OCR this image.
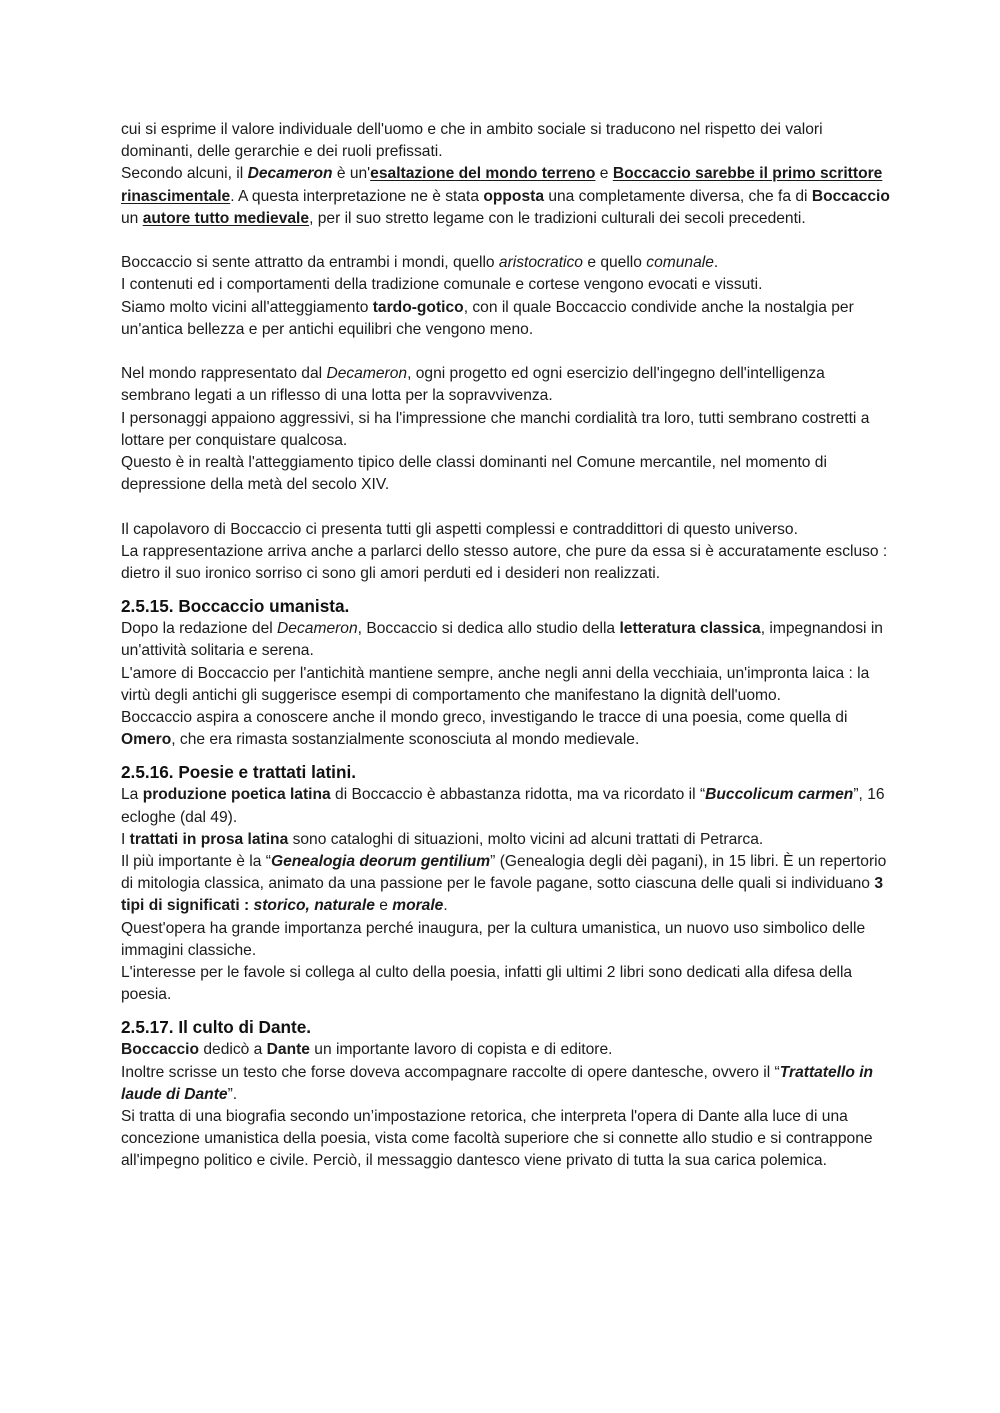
cui si esprime il valore individuale dell'uomo e che in ambito sociale si traducono nel rispetto dei valori dominanti, delle gerarchie e dei ruoli prefissati.

Secondo alcuni, il Decameron è un'esaltazione del mondo terreno e Boccaccio sarebbe il primo scrittore rinascimentale. A questa interpretazione ne è stata opposta una completamente diversa, che fa di Boccaccio un autore tutto medievale, per il suo stretto legame con le tradizioni culturali dei secoli precedenti.

Boccaccio si sente attratto da entrambi i mondi, quello aristocratico e quello comunale.

I contenuti ed i comportamenti della tradizione comunale e cortese vengono evocati e vissuti.

Siamo molto vicini all'atteggiamento tardo-gotico, con il quale Boccaccio condivide anche la nostalgia per un'antica bellezza e per antichi equilibri che vengono meno.

Nel mondo rappresentato dal Decameron, ogni progetto ed ogni esercizio dell'ingegno dell'intelligenza sembrano legati a un riflesso di una lotta per la sopravvivenza.

I personaggi appaiono aggressivi, si ha l'impressione che manchi cordialità tra loro, tutti sembrano costretti a lottare per conquistare qualcosa.

Questo è in realtà l'atteggiamento tipico delle classi dominanti nel Comune mercantile, nel momento di depressione della metà del secolo XIV.

Il capolavoro di Boccaccio ci presenta tutti gli aspetti complessi e contraddittori di questo universo.

La rappresentazione arriva anche a parlarci dello stesso autore, che pure da essa si è accuratamente escluso : dietro il suo ironico sorriso ci sono gli amori perduti ed i desideri non realizzati.

2.5.15. Boccaccio umanista.

Dopo la redazione del Decameron, Boccaccio si dedica allo studio della letteratura classica, impegnandosi in un'attività solitaria e serena.

L'amore di Boccaccio per l'antichità mantiene sempre, anche negli anni della vecchiaia, un'impronta laica : la virtù degli antichi gli suggerisce esempi di comportamento che manifestano la dignità dell'uomo.

Boccaccio aspira a conoscere anche il mondo greco, investigando le tracce di una poesia, come quella di Omero, che era rimasta sostanzialmente sconosciuta al mondo medievale.

2.5.16. Poesie e trattati latini.

La produzione poetica latina di Boccaccio è abbastanza ridotta, ma va ricordato il “Buccolicum carmen”, 16 ecloghe (dal 49).

I trattati in prosa latina sono cataloghi di situazioni, molto vicini ad alcuni trattati di Petrarca.

Il più importante è la “Genealogia deorum gentilium” (Genealogia degli dèi pagani), in 15 libri. È un repertorio di mitologia classica, animato da una passione per le favole pagane, sotto ciascuna delle quali si individuano 3 tipi di significati : storico, naturale e morale.

Quest'opera ha grande importanza perché inaugura, per la cultura umanistica, un nuovo uso simbolico delle immagini classiche.

L'interesse per le favole si collega al culto della poesia, infatti gli ultimi 2 libri sono dedicati alla difesa della poesia.

2.5.17. Il culto di Dante.

Boccaccio dedicò a Dante un importante lavoro di copista e di editore.

Inoltre scrisse un testo che forse doveva accompagnare raccolte di opere dantesche, ovvero il “Trattatello in laude di Dante”.

Si tratta di una biografia secondo un’impostazione retorica, che interpreta l'opera di Dante alla luce di una concezione umanistica della poesia, vista come facoltà superiore che si connette allo studio e si contrappone all'impegno politico e civile. Perciò, il messaggio dantesco viene privato di tutta la sua carica polemica.
